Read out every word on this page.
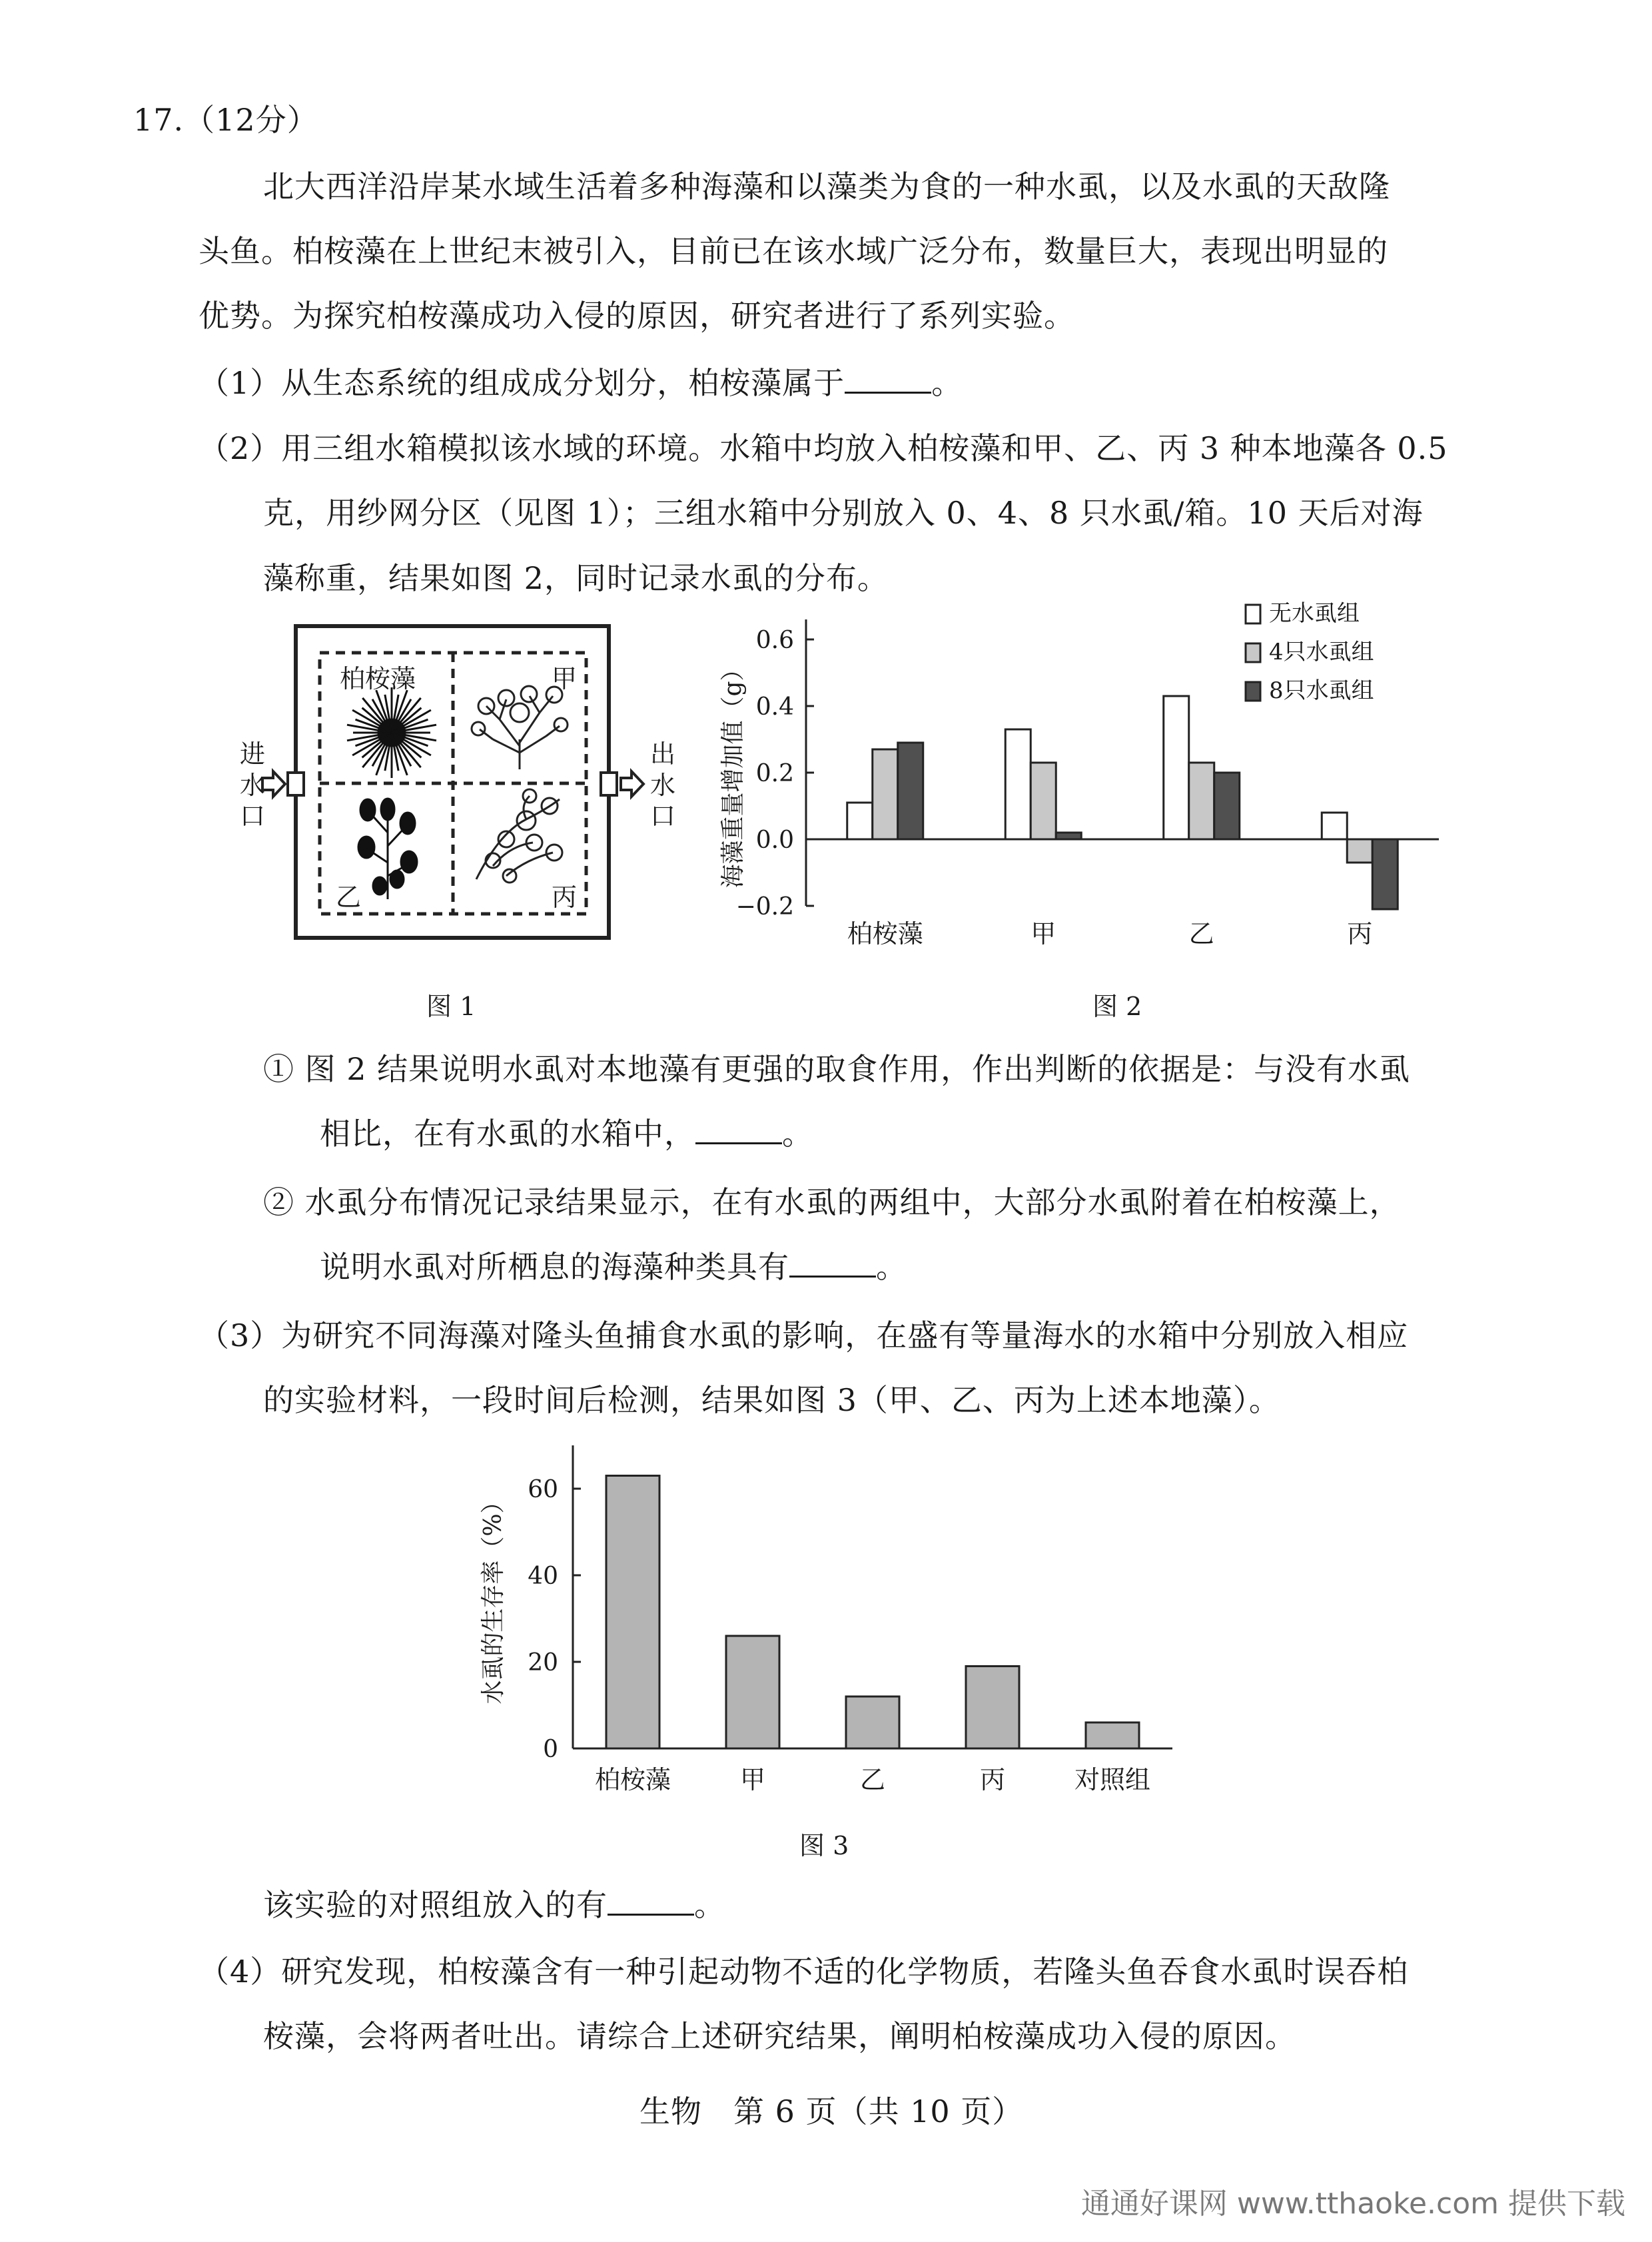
17.（12分）
北大西洋沿岸某水域生活着多种海藻和以藻类为食的一种水虱，以及水虱的天敌隆
头鱼。柏桉藻在上世纪末被引入，目前已在该水域广泛分布，数量巨大，表现出明显的
优势。为探究柏桉藻成功入侵的原因，研究者进行了系列实验。
（1）从生态系统的组成成分划分，柏桉藻属于	。
（2）用三组水箱模拟该水域的环境。水箱中均放入柏桉藻和甲、乙、丙 3 种本地藻各 0.5
克，用纱网分区（见图 1）；三组水箱中分别放入 0、4、8 只水虱/箱。10 天后对海
藻称重，结果如图 2，同时记录水虱的分布。
进
水
口
出
水
口
柏桉藻	甲
乙	丙
图 1
0.6
0.4
0.2
0.0
−0.2
海藻重量增加值（g）
柏桉藻	甲	乙	丙
无水虱组
4只水虱组
8只水虱组
图 2
① 图 2 结果说明水虱对本地藻有更强的取食作用，作出判断的依据是：与没有水虱
相比，在有水虱的水箱中，	。
② 水虱分布情况记录结果显示，在有水虱的两组中，大部分水虱附着在柏桉藻上，
说明水虱对所栖息的海藻种类具有	。
（3）为研究不同海藻对隆头鱼捕食水虱的影响，在盛有等量海水的水箱中分别放入相应
的实验材料，一段时间后检测，结果如图 3（甲、乙、丙为上述本地藻）。
60
40
20
0
水虱的生存率（%）
柏桉藻	甲	乙	丙	对照组
图 3
该实验的对照组放入的有	。
（4）研究发现，柏桉藻含有一种引起动物不适的化学物质，若隆头鱼吞食水虱时误吞柏
桉藻，会将两者吐出。请综合上述研究结果，阐明柏桉藻成功入侵的原因。
生物　第 6 页（共 10 页）
通通好课网 www.tthaoke.com 提供下载
